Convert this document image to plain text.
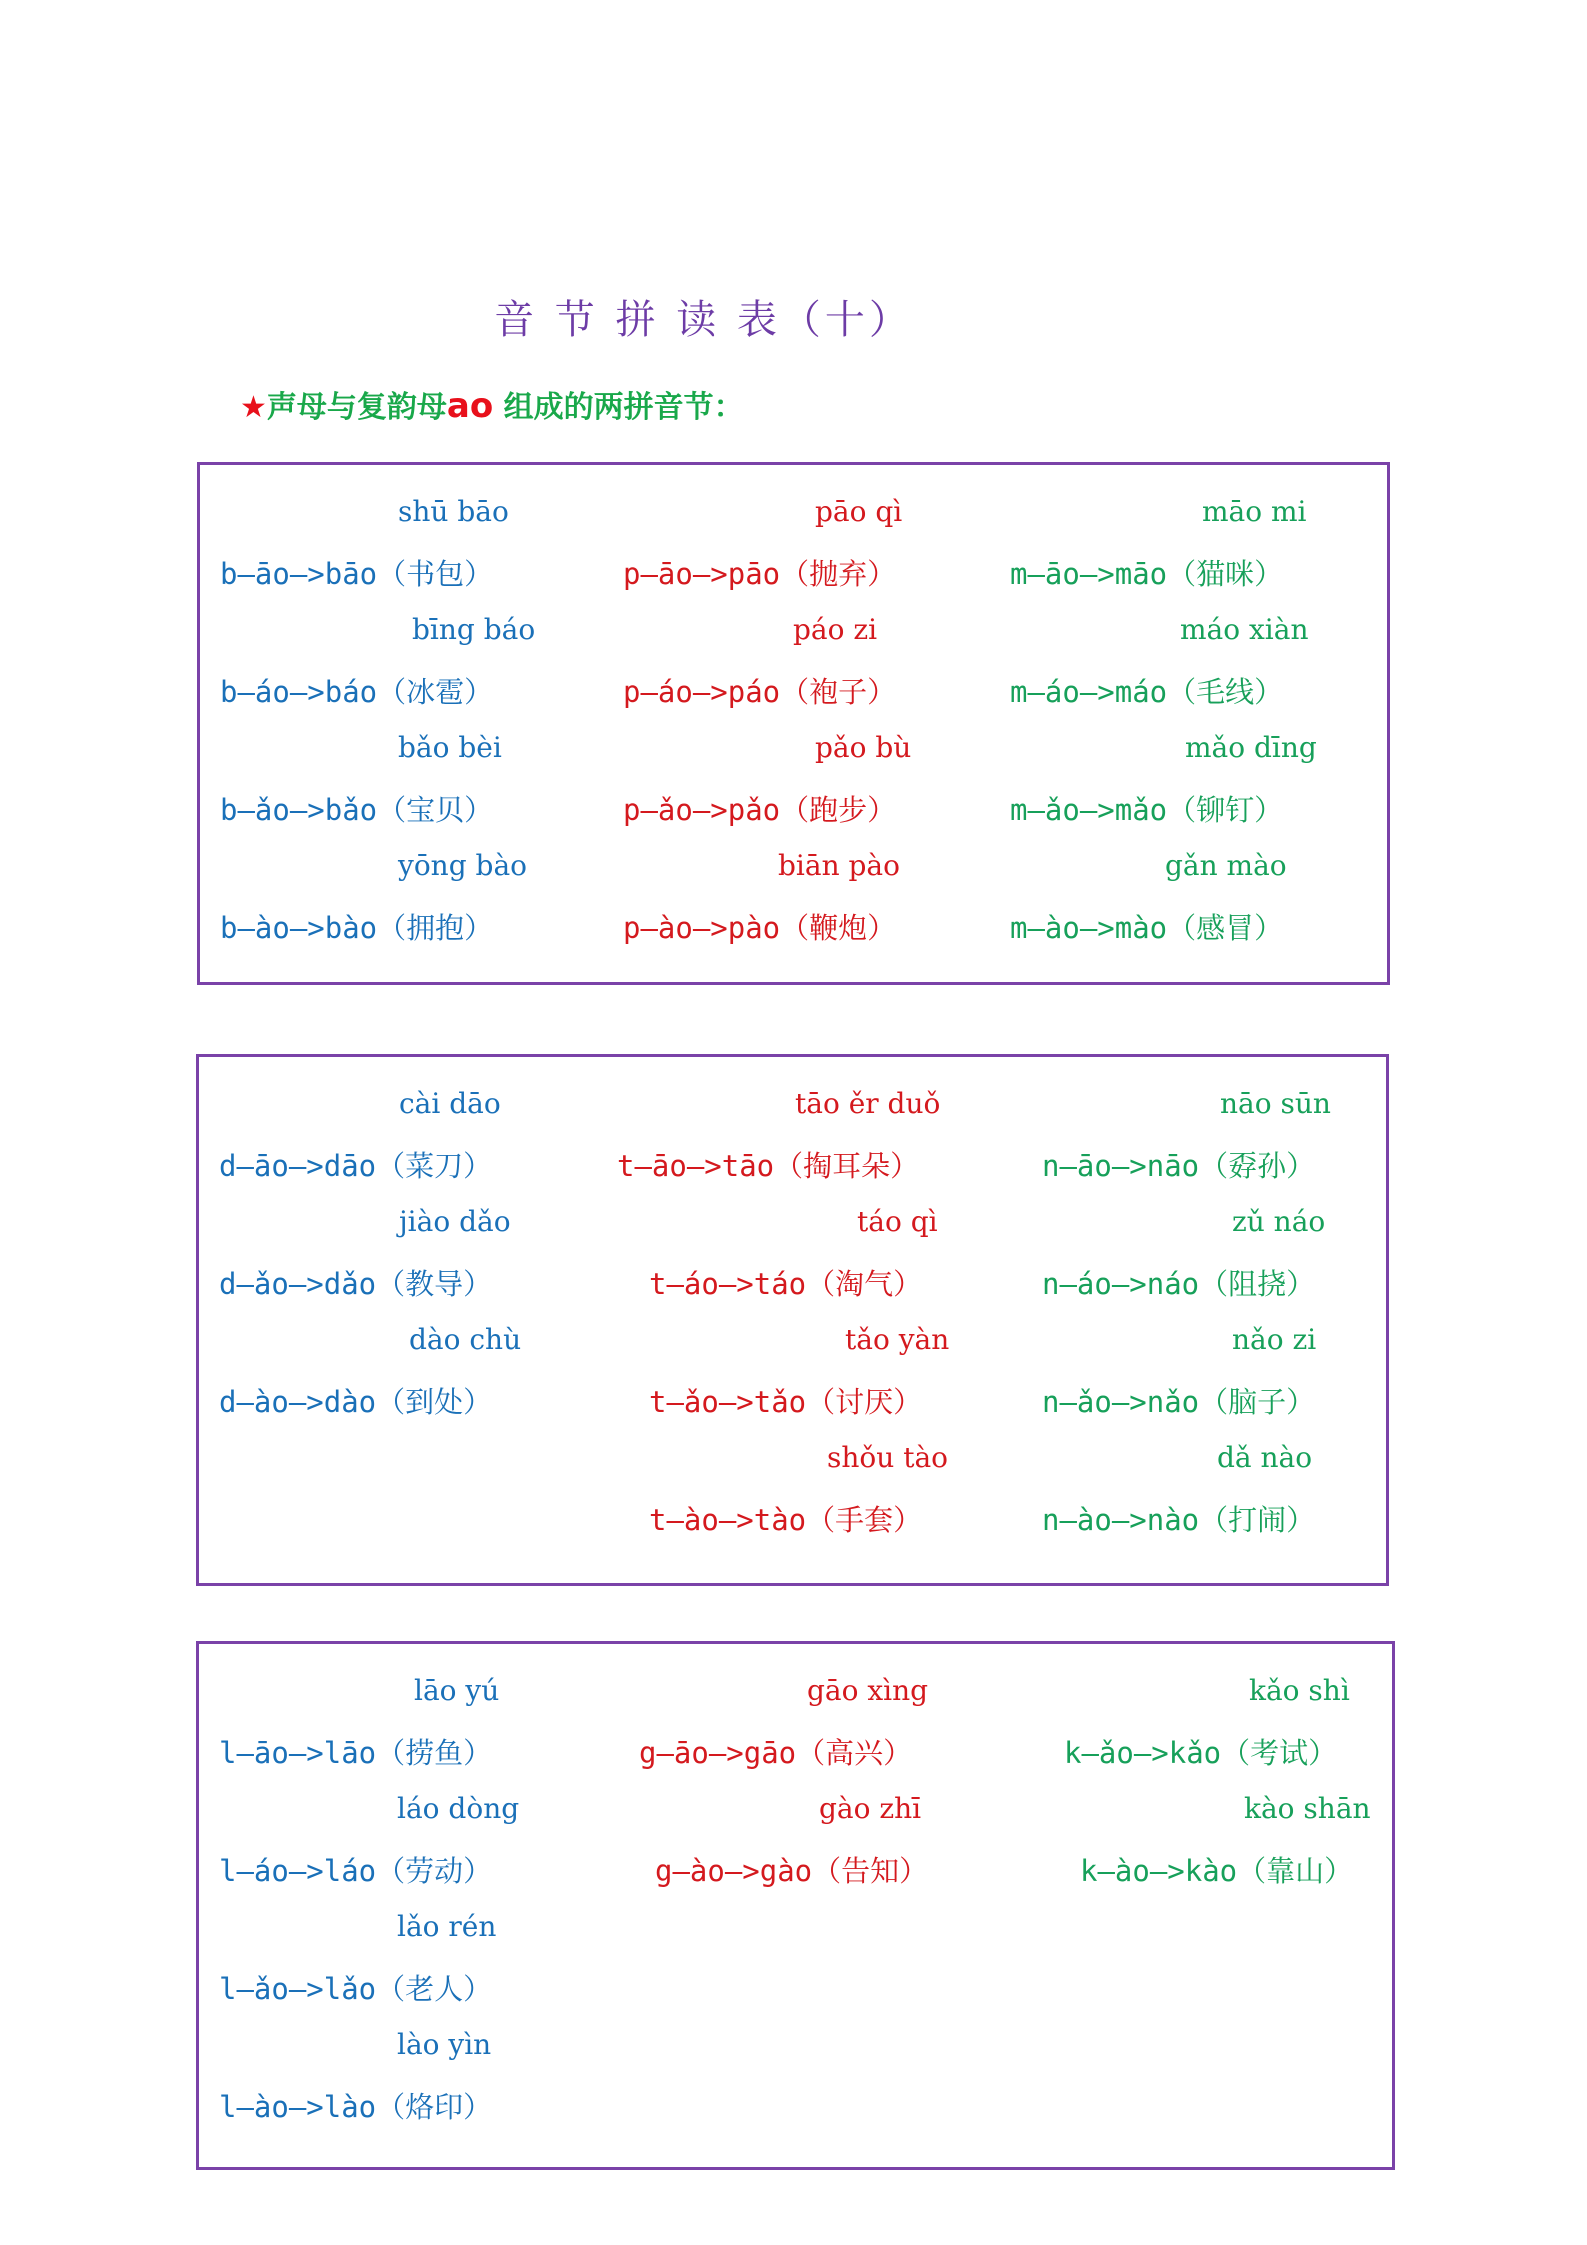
音 节 拼 读 表（十）
★声母与复韵母ao 组成的两拼音节：
shū bāo
b—āo—>bāo（书包）
bīng báo
b—áo—>báo（冰雹）
bǎo bèi
b—ǎo—>bǎo（宝贝）
yōng bào
b—ào—>bào（拥抱）
pāo qì
p—āo—>pāo（抛弃）
páo zi
p—áo—>páo（袍子）
pǎo bù
p—ǎo—>pǎo（跑步）
biān pào
p—ào—>pào（鞭炮）
māo mi
m—āo—>māo（猫咪）
máo xiàn
m—áo—>máo（毛线）
mǎo dīng
m—ǎo—>mǎo（铆钉）
gǎn mào
m—ào—>mào（感冒）
cài dāo
d—āo—>dāo（菜刀）
jiào dǎo
d—ǎo—>dǎo（教导）
dào chù
d—ào—>dào（到处）
tāo ěr duǒ
t—āo—>tāo（掏耳朵）
táo qì
t—áo—>táo（淘气）
tǎo yàn
t—ǎo—>tǎo（讨厌）
shǒu tào
t—ào—>tào（手套）
nāo sūn
n—āo—>nāo（孬孙）
zǔ náo
n—áo—>náo（阻挠）
nǎo zi
n—ǎo—>nǎo（脑子）
dǎ nào
n—ào—>nào（打闹）
lāo yú
l—āo—>lāo（捞鱼）
láo dòng
l—áo—>láo（劳动）
lǎo rén
l—ǎo—>lǎo（老人）
lào yìn
l—ào—>lào（烙印）
gāo xìng
g—āo—>gāo（高兴）
gào zhī
g—ào—>gào（告知）
kǎo shì
k—ǎo—>kǎo（考试）
kào shān
k—ào—>kào（靠山）
